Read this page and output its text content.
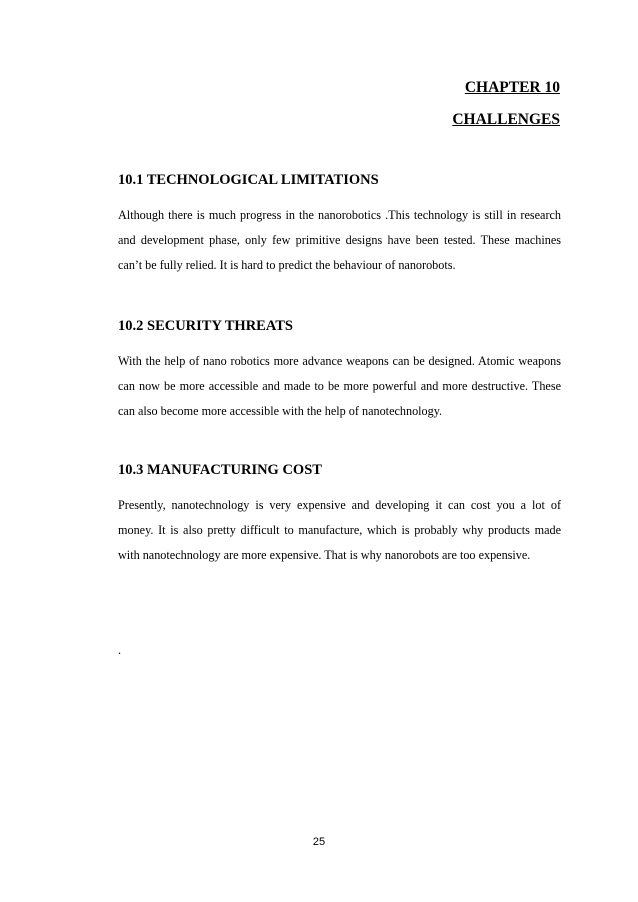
CHAPTER 10

CHALLENGES

10.1 TECHNOLOGICAL LIMITATIONS

Although there is much progress in the nanorobotics .This technology is still in research and development phase, only few primitive designs have been tested. These machines can’t be fully relied. It is hard to predict the behaviour of nanorobots.

10.2 SECURITY THREATS

With the help of nano robotics more advance weapons can be designed. Atomic weapons can now be more accessible and made to be more powerful and more destructive. These can also become more accessible with the help of nanotechnology.

10.3 MANUFACTURING COST

Presently, nanotechnology is very expensive and developing it can cost you a lot of money. It is also pretty difficult to manufacture, which is probably why products made with nanotechnology are more expensive. That is why nanorobots are too expensive.

.
25
